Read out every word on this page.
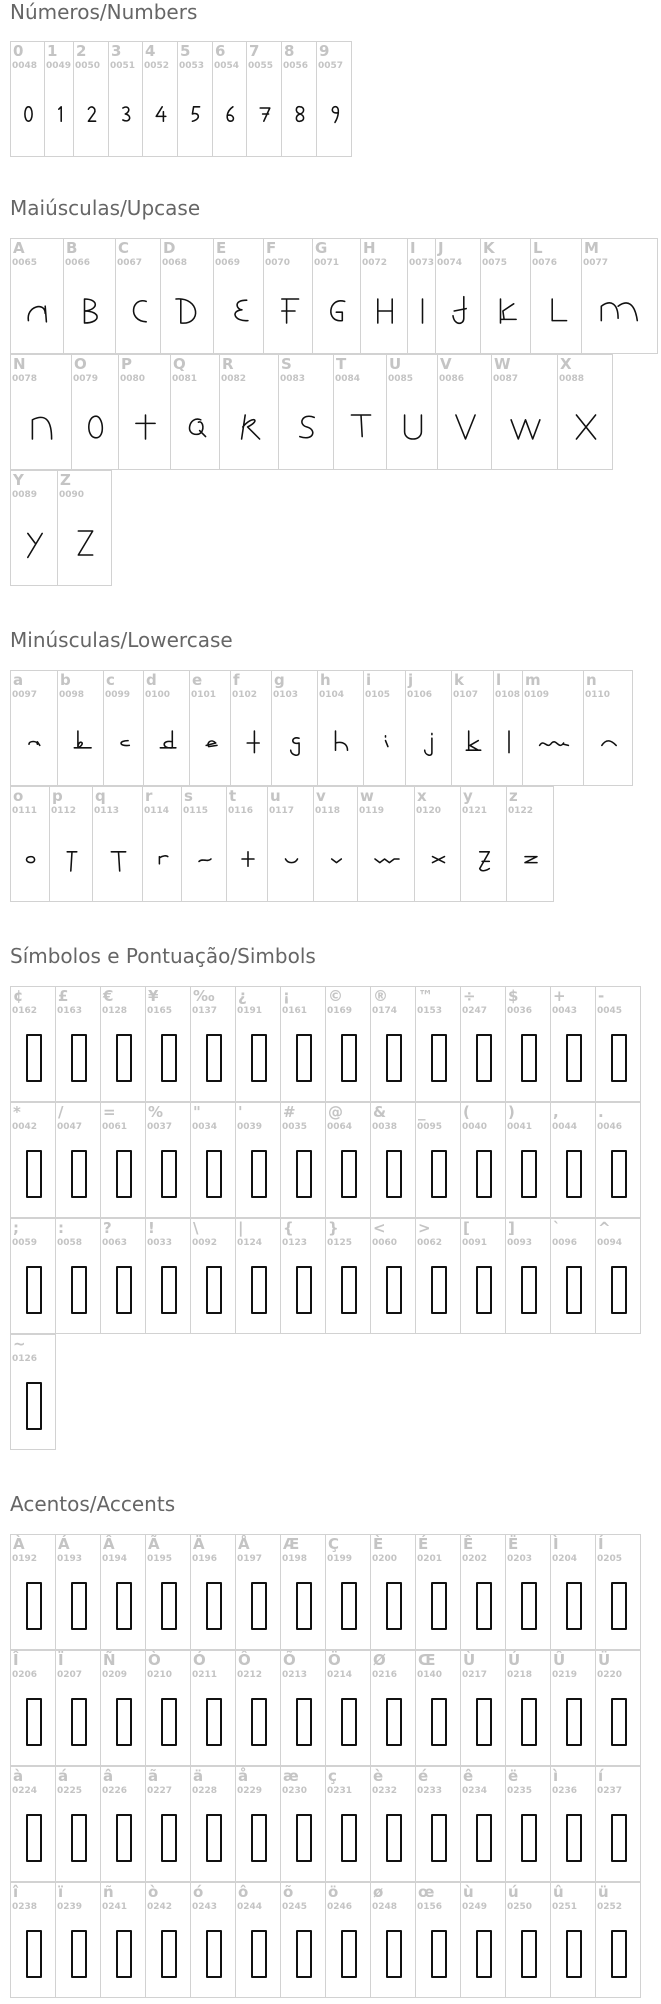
Números/Numbers
Maiúsculas/Upcase
Minúsculas/Lowercase
Símbolos e Pontuação/Simbols
Acentos/Accents
0
0048
1
0049
2
0050
3
0051
4
0052
5
0053
6
0054
7
0055
8
0056
9
0057
A
0065
B
0066
C
0067
D
0068
E
0069
F
0070
G
0071
H
0072
I
0073
J
0074
K
0075
L
0076
M
0077
N
0078
O
0079
P
0080
Q
0081
R
0082
S
0083
T
0084
U
0085
V
0086
W
0087
X
0088
Y
0089
Z
0090
a
0097
b
0098
c
0099
d
0100
e
0101
f
0102
g
0103
h
0104
i
0105
j
0106
k
0107
l
0108
m
0109
n
0110
o
0111
p
0112
q
0113
r
0114
s
0115
t
0116
u
0117
v
0118
w
0119
x
0120
y
0121
z
0122
¢
0162
£
0163
€
0128
¥
0165
‰
0137
¿
0191
¡
0161
©
0169
®
0174
™
0153
÷
0247
$
0036
+
0043
-
0045
*
0042
/
0047
=
0061
%
0037
"
0034
'
0039
#
0035
@
0064
&
0038
_
0095
(
0040
)
0041
,
0044
.
0046
;
0059
:
0058
?
0063
!
0033
\
0092
|
0124
{
0123
}
0125
<
0060
>
0062
[
0091
]
0093
`
0096
^
0094
~
0126
À
0192
Á
0193
Â
0194
Ã
0195
Ä
0196
Å
0197
Æ
0198
Ç
0199
È
0200
É
0201
Ê
0202
Ë
0203
Ì
0204
Í
0205
Î
0206
Ï
0207
Ñ
0209
Ò
0210
Ó
0211
Ô
0212
Õ
0213
Ö
0214
Ø
0216
Œ
0140
Ù
0217
Ú
0218
Û
0219
Ü
0220
à
0224
á
0225
â
0226
ã
0227
ä
0228
å
0229
æ
0230
ç
0231
è
0232
é
0233
ê
0234
ë
0235
ì
0236
í
0237
î
0238
ï
0239
ñ
0241
ò
0242
ó
0243
ô
0244
õ
0245
ö
0246
ø
0248
œ
0156
ù
0249
ú
0250
û
0251
ü
0252
